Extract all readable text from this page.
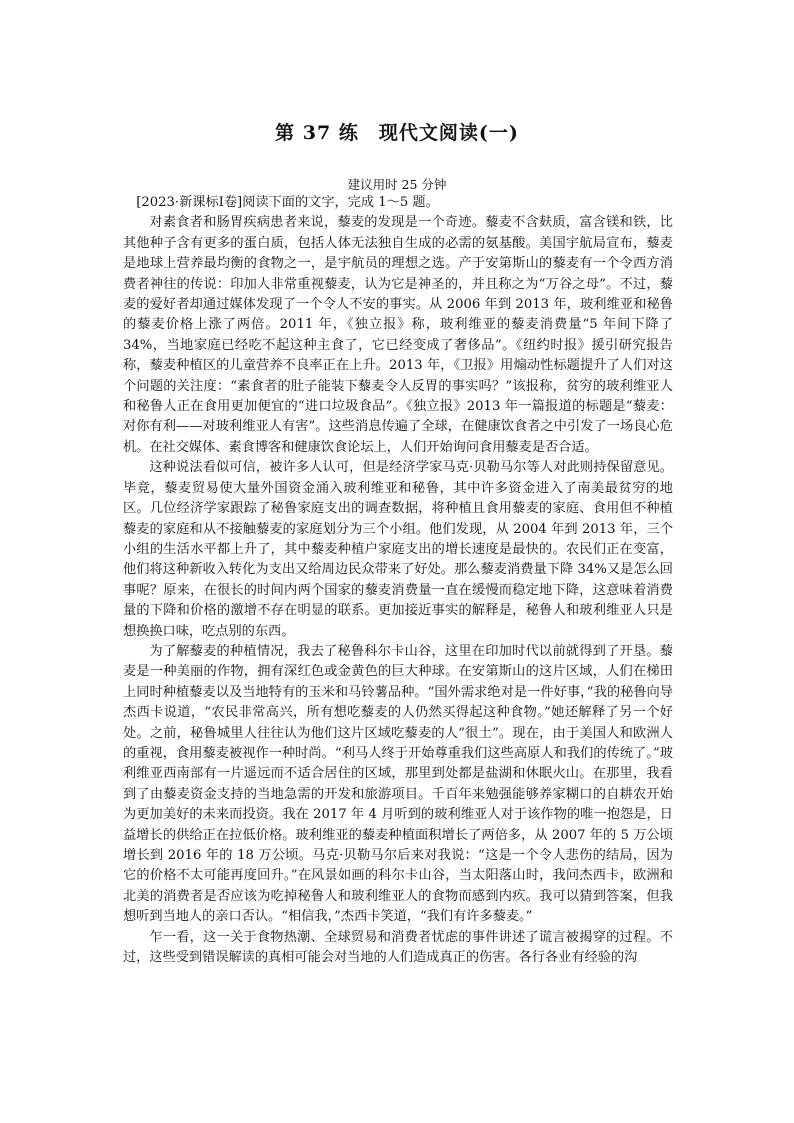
第 37 练　现代文阅读(一)
建议用时 25 分钟

[2023·新课标Ⅰ卷]阅读下面的文字，完成 1～5 题。

对素食者和肠胃疾病患者来说，藜麦的发现是一个奇迹。藜麦不含麸质，富含镁和铁，比其他种子含有更多的蛋白质，包括人体无法独自生成的必需的氨基酸。美国宇航局宣布，藜麦是地球上营养最均衡的食物之一，是宇航员的理想之选。产于安第斯山的藜麦有一个令西方消费者神往的传说：印加人非常重视藜麦，认为它是神圣的，并且称之为“万谷之母”。不过，藜麦的爱好者却通过媒体发现了一个令人不安的事实。从 2006 年到 2013 年，玻利维亚和秘鲁的藜麦价格上涨了两倍。2011 年，《独立报》称，玻利维亚的藜麦消费量“5 年间下降了 34%，当地家庭已经吃不起这种主食了，它已经变成了奢侈品”。《纽约时报》援引研究报告称，藜麦种植区的儿童营养不良率正在上升。2013 年，《卫报》用煽动性标题提升了人们对这个问题的关注度：“素食者的肚子能装下藜麦令人反胃的事实吗？”该报称，贫穷的玻利维亚人和秘鲁人正在食用更加便宜的“进口垃圾食品”。《独立报》2013 年一篇报道的标题是“藜麦：对你有利——对玻利维亚人有害”。这些消息传遍了全球，在健康饮食者之中引发了一场良心危机。在社交媒体、素食博客和健康饮食论坛上，人们开始询问食用藜麦是否合适。

这种说法看似可信，被许多人认可，但是经济学家马克·贝勒马尔等人对此则持保留意见。毕竟，藜麦贸易使大量外国资金涌入玻利维亚和秘鲁，其中许多资金进入了南美最贫穷的地区。几位经济学家跟踪了秘鲁家庭支出的调查数据，将种植且食用藜麦的家庭、食用但不种植藜麦的家庭和从不接触藜麦的家庭划分为三个小组。他们发现，从 2004 年到 2013 年，三个小组的生活水平都上升了，其中藜麦种植户家庭支出的增长速度是最快的。农民们正在变富，他们将这种新收入转化为支出又给周边民众带来了好处。那么藜麦消费量下降 34%又是怎么回事呢？原来，在很长的时间内两个国家的藜麦消费量一直在缓慢而稳定地下降，这意味着消费量的下降和价格的激增不存在明显的联系。更加接近事实的解释是，秘鲁人和玻利维亚人只是想换换口味，吃点别的东西。

为了解藜麦的种植情况，我去了秘鲁科尔卡山谷，这里在印加时代以前就得到了开垦。藜麦是一种美丽的作物，拥有深红色或金黄色的巨大种球。在安第斯山的这片区域，人们在梯田上同时种植藜麦以及当地特有的玉米和马铃薯品种。“国外需求绝对是一件好事，”我的秘鲁向导杰西卡说道，“农民非常高兴，所有想吃藜麦的人仍然买得起这种食物。”她还解释了另一个好处。之前，秘鲁城里人往往认为他们这片区域吃藜麦的人“很土”。现在，由于美国人和欧洲人的重视，食用藜麦被视作一种时尚。“利马人终于开始尊重我们这些高原人和我们的传统了。”玻利维亚西南部有一片遥远而不适合居住的区域，那里到处都是盐湖和休眠火山。在那里，我看到了由藜麦资金支持的当地急需的开发和旅游项目。千百年来勉强能够养家糊口的自耕农开始为更加美好的未来而投资。我在 2017 年 4 月听到的玻利维亚人对于该作物的唯一抱怨是，日益增长的供给正在拉低价格。玻利维亚的藜麦种植面积增长了两倍多，从 2007 年的 5 万公顷增长到 2016 年的 18 万公顷。马克·贝勒马尔后来对我说：“这是一个令人悲伤的结局，因为它的价格不太可能再度回升。”在风景如画的科尔卡山谷，当太阳落山时，我问杰西卡，欧洲和北美的消费者是否应该为吃掉秘鲁人和玻利维亚人的食物而感到内疚。我可以猜到答案，但我想听到当地人的亲口否认。“相信我，”杰西卡笑道，“我们有许多藜麦。”

乍一看，这一关于食物热潮、全球贸易和消费者忧虑的事件讲述了谎言被揭穿的过程。不过，这些受到错误解读的真相可能会对当地的人们造成真正的伤害。各行各业有经验的沟
